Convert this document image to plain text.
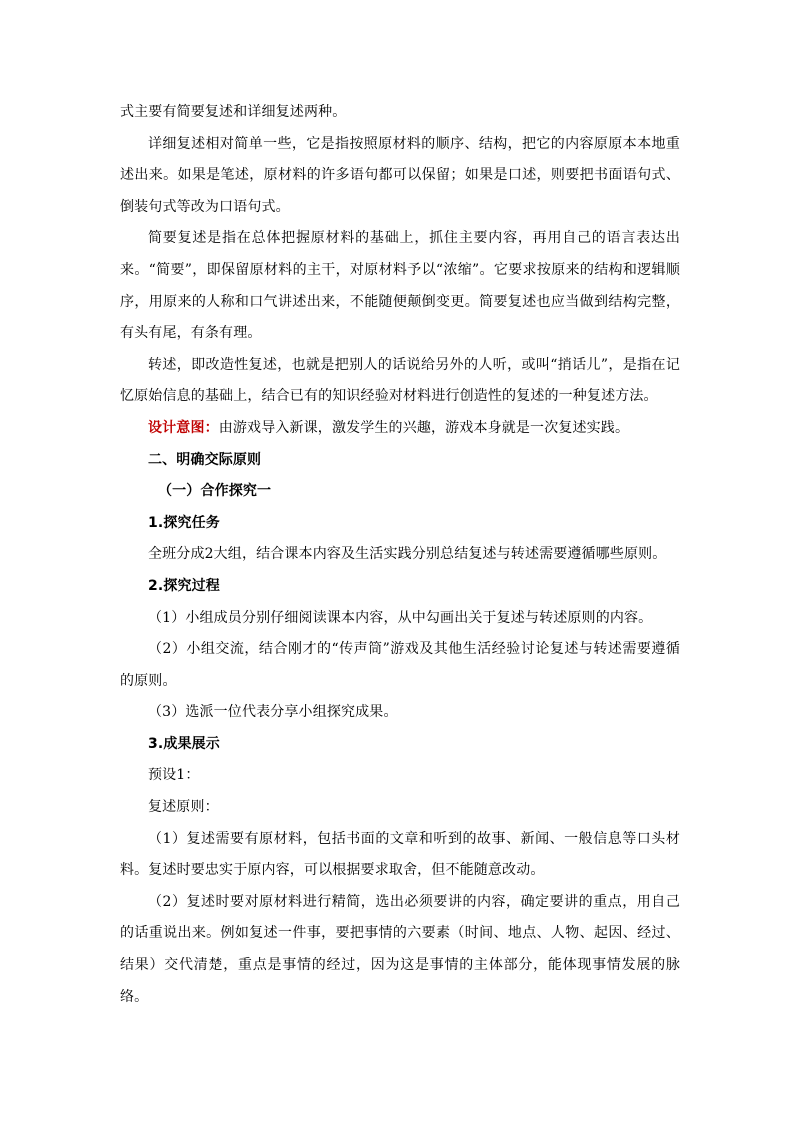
式主要有简要复述和详细复述两种。

详细复述相对简单一些，它是指按照原材料的顺序、结构，把它的内容原原本本地重述出来。如果是笔述，原材料的许多语句都可以保留；如果是口述，则要把书面语句式、倒装句式等改为口语句式。

简要复述是指在总体把握原材料的基础上，抓住主要内容，再用自己的语言表达出来。“简要”，即保留原材料的主干，对原材料予以“浓缩”。它要求按原来的结构和逻辑顺序，用原来的人称和口气讲述出来，不能随便颠倒变更。简要复述也应当做到结构完整，有头有尾，有条有理。

转述，即改造性复述，也就是把别人的话说给另外的人听，或叫“捎话儿”，是指在记忆原始信息的基础上，结合已有的知识经验对材料进行创造性的复述的一种复述方法。

设计意图：由游戏导入新课，激发学生的兴趣，游戏本身就是一次复述实践。

二、明确交际原则

（一）合作探究一

1.探究任务

全班分成2大组，结合课本内容及生活实践分别总结复述与转述需要遵循哪些原则。

2.探究过程

（1）小组成员分别仔细阅读课本内容，从中勾画出关于复述与转述原则的内容。

（2）小组交流，结合刚才的“传声筒”游戏及其他生活经验讨论复述与转述需要遵循的原则。

（3）选派一位代表分享小组探究成果。

3.成果展示

预设1：

复述原则：

（1）复述需要有原材料，包括书面的文章和听到的故事、新闻、一般信息等口头材料。复述时要忠实于原内容，可以根据要求取舍，但不能随意改动。

（2）复述时要对原材料进行精简，选出必须要讲的内容，确定要讲的重点，用自己的话重说出来。例如复述一件事，要把事情的六要素（时间、地点、人物、起因、经过、结果）交代清楚，重点是事情的经过，因为这是事情的主体部分，能体现事情发展的脉络。
